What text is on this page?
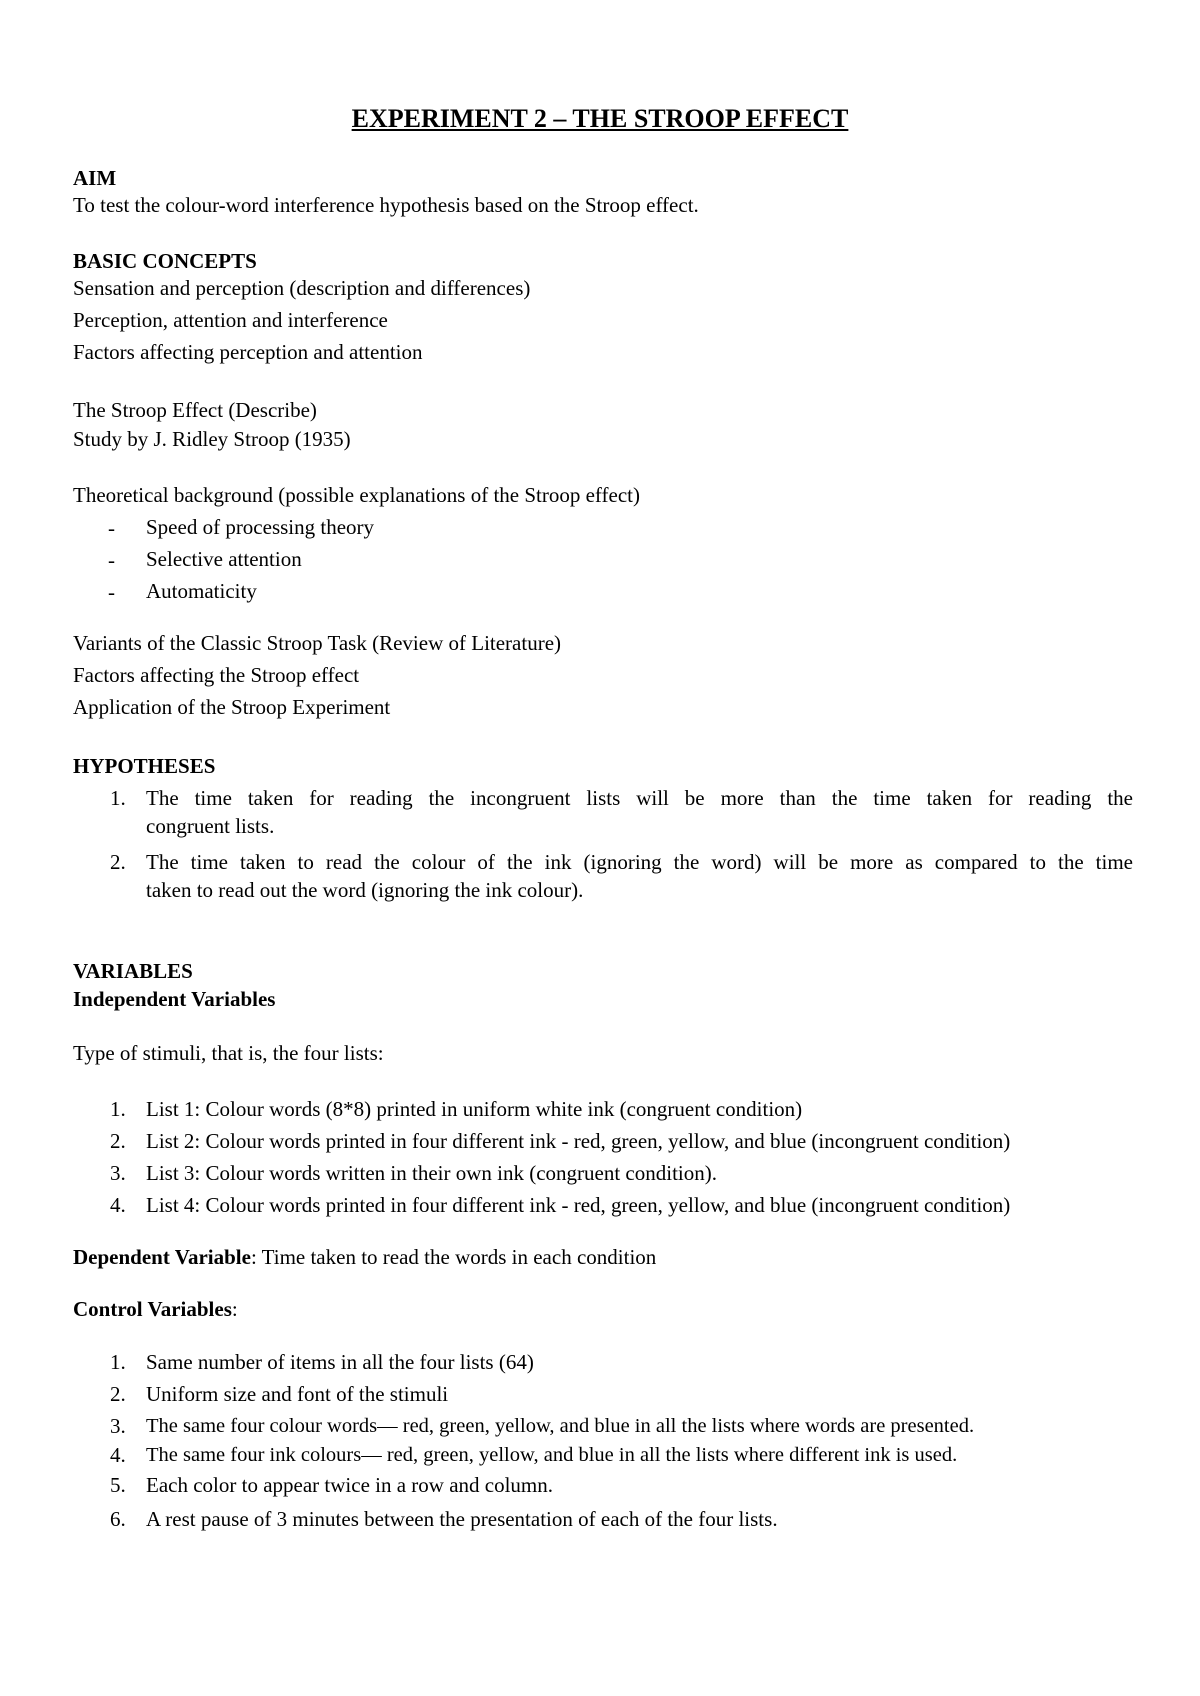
EXPERIMENT 2 – THE STROOP EFFECT

AIM

To test the colour-word interference hypothesis based on the Stroop effect.

BASIC CONCEPTS

Sensation and perception (description and differences)

Perception, attention and interference

Factors affecting perception and attention

The Stroop Effect (Describe)

Study by J. Ridley Stroop (1935)

Theoretical background (possible explanations of the Stroop effect)

- Speed of processing theory

- Selective attention

- Automaticity

Variants of the Classic Stroop Task (Review of Literature)

Factors affecting the Stroop effect

Application of the Stroop Experiment

HYPOTHESES

1. The time taken for reading the incongruent lists will be more than the time taken for reading the
congruent lists.

2. The time taken to read the colour of the ink (ignoring the word) will be more as compared to the time
taken to read out the word (ignoring the ink colour).

VARIABLES

Independent Variables

Type of stimuli, that is, the four lists:

1. List 1: Colour words (8*8) printed in uniform white ink (congruent condition)

2. List 2: Colour words printed in four different ink - red, green, yellow, and blue (incongruent condition)

3. List 3: Colour words written in their own ink (congruent condition).

4. List 4: Colour words printed in four different ink - red, green, yellow, and blue (incongruent condition)

Dependent Variable: Time taken to read the words in each condition

Control Variables:

1. Same number of items in all the four lists (64)

2. Uniform size and font of the stimuli

3. The same four colour words— red, green, yellow, and blue in all the lists where words are presented.

4. The same four ink colours— red, green, yellow, and blue in all the lists where different ink is used.

5. Each color to appear twice in a row and column.

6. A rest pause of 3 minutes between the presentation of each of the four lists.
